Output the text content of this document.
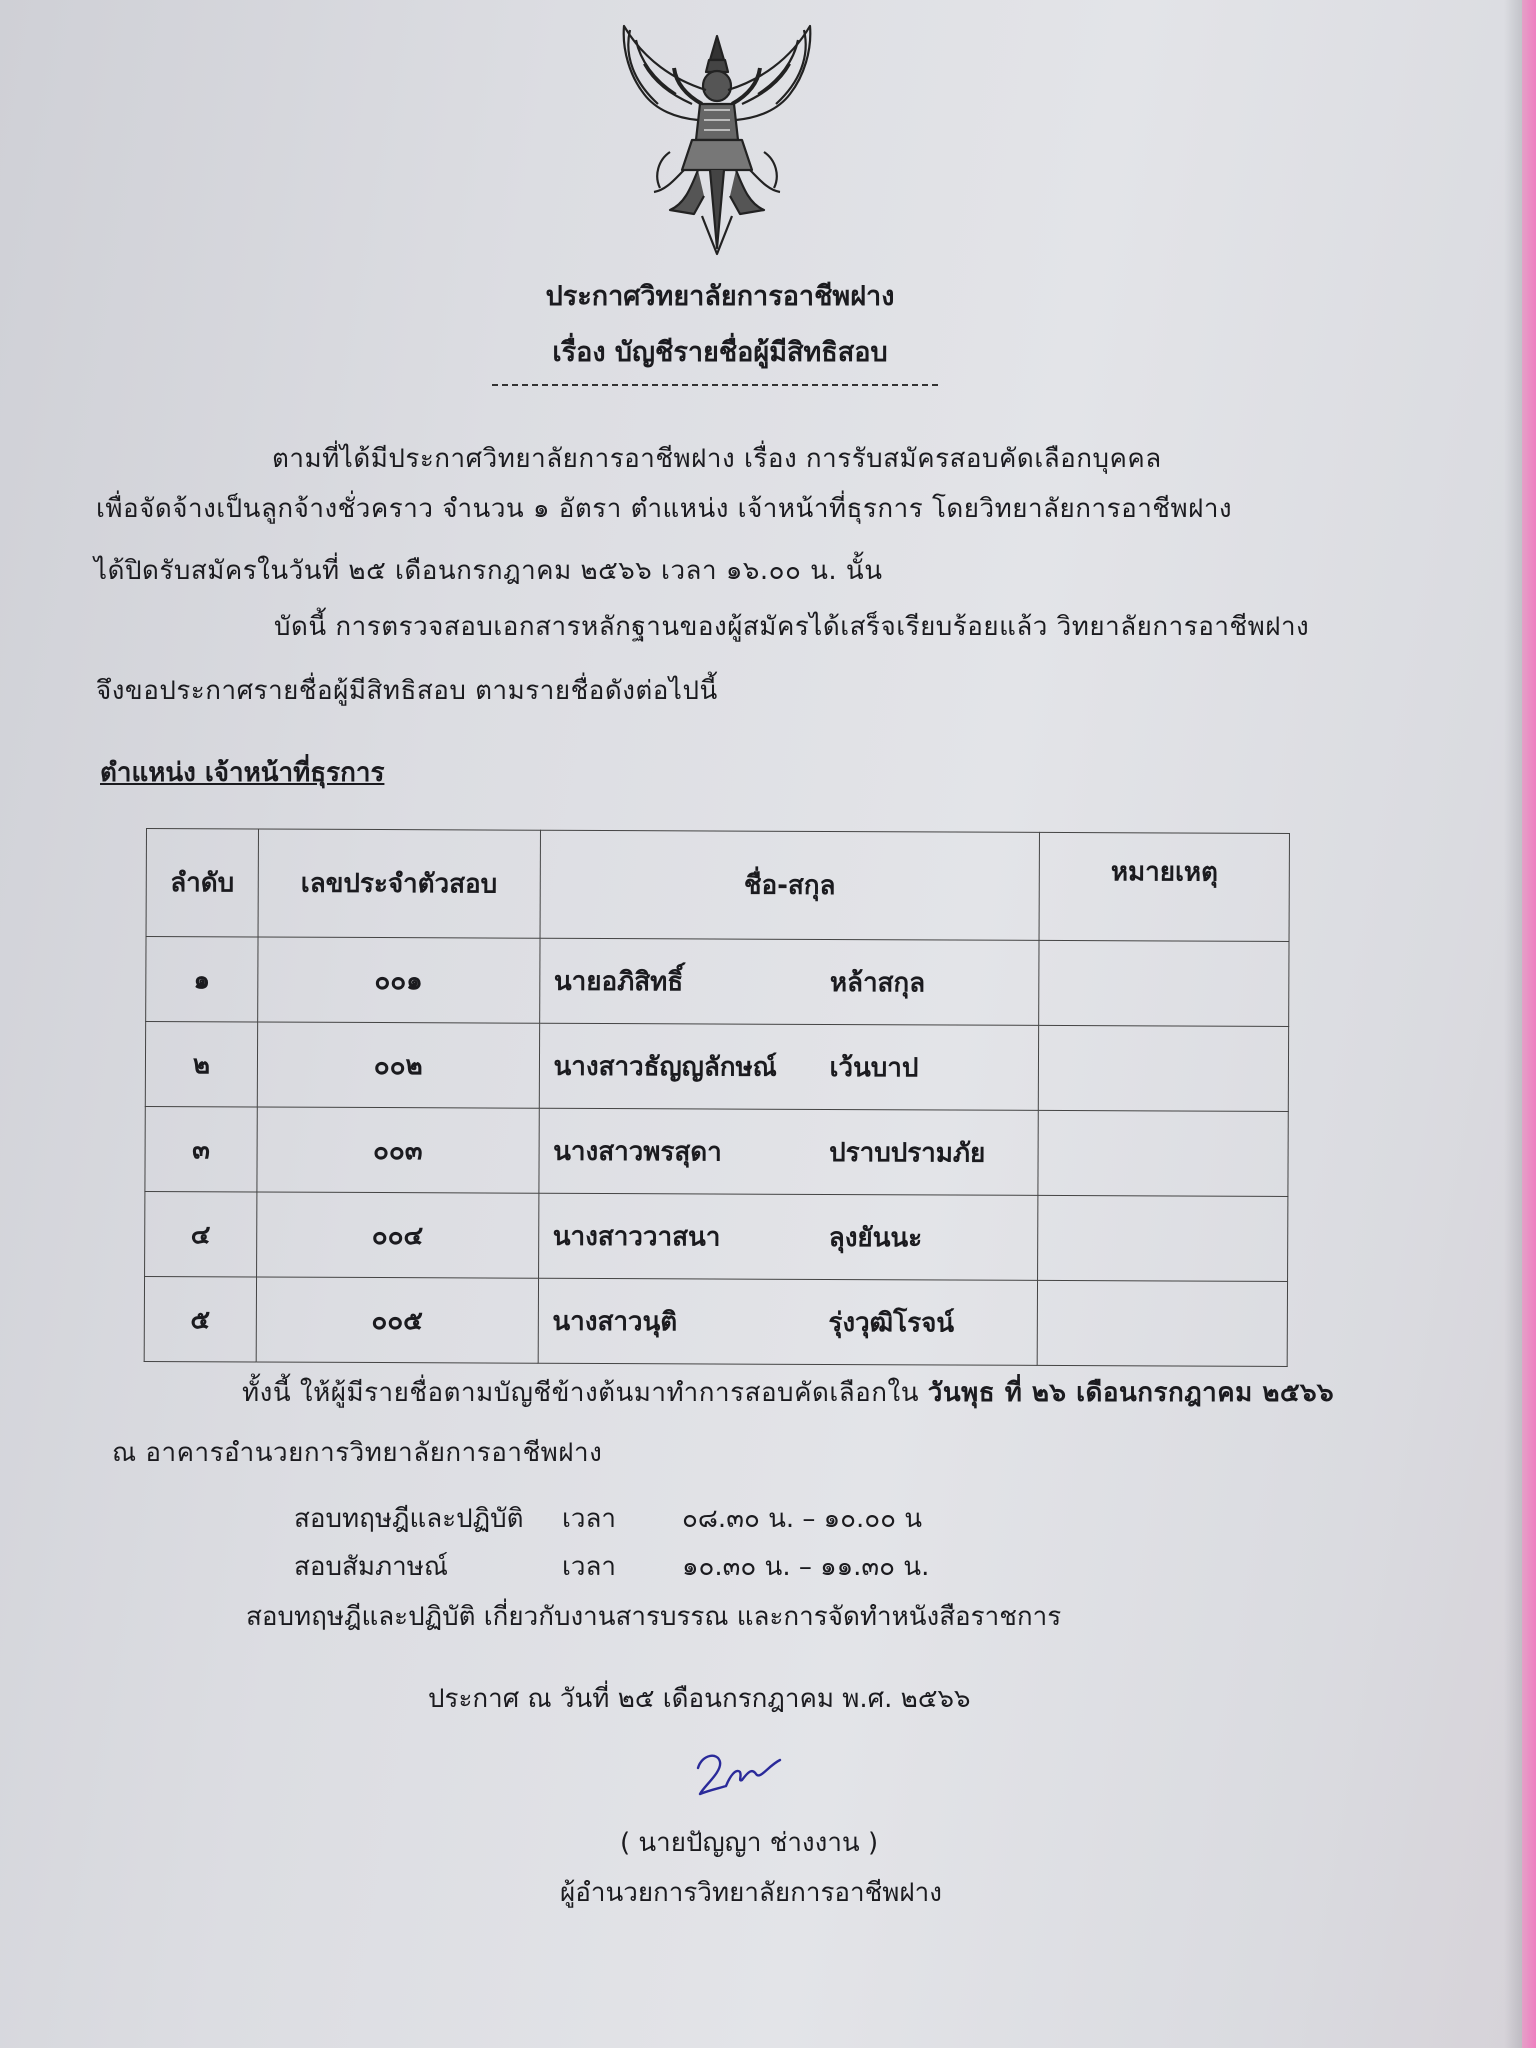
ประกาศวิทยาลัยการอาชีพฝาง
เรื่อง บัญชีรายชื่อผู้มีสิทธิสอบ
ตามที่ได้มีประกาศวิทยาลัยการอาชีพฝาง เรื่อง การรับสมัครสอบคัดเลือกบุคคล
เพื่อจัดจ้างเป็นลูกจ้างชั่วคราว จำนวน ๑ อัตรา ตำแหน่ง เจ้าหน้าที่ธุรการ โดยวิทยาลัยการอาชีพฝาง
ได้ปิดรับสมัครในวันที่ ๒๕ เดือนกรกฎาคม ๒๕๖๖ เวลา ๑๖.๐๐ น. นั้น
บัดนี้ การตรวจสอบเอกสารหลักฐานของผู้สมัครได้เสร็จเรียบร้อยแล้ว วิทยาลัยการอาชีพฝาง
จึงขอประกาศรายชื่อผู้มีสิทธิสอบ ตามรายชื่อดังต่อไปนี้
ตำแหน่ง เจ้าหน้าที่ธุรการ
ลำดับ	เลขประจำตัวสอบ	ชื่อ-สกุล	หมายเหตุ
๑	๐๐๑	นายอภิสิทธิ์ หล้าสกุล	
๒	๐๐๒	นางสาวธัญญลักษณ์ เว้นบาป	
๓	๐๐๓	นางสาวพรสุดา ปราบปรามภัย	
๔	๐๐๔	นางสาววาสนา ลุงยันนะ	
๕	๐๐๕	นางสาวนุติ รุ่งวุฒิโรจน์	
ทั้งนี้ ให้ผู้มีรายชื่อตามบัญชีข้างต้นมาทำการสอบคัดเลือกใน วันพุธ ที่ ๒๖ เดือนกรกฎาคม ๒๕๖๖
ณ อาคารอำนวยการวิทยาลัยการอาชีพฝาง
สอบทฤษฎีและปฏิบัติ เวลา	๐๘.๓๐ น. – ๑๐.๐๐ น
สอบสัมภาษณ์	เวลา	๑๐.๓๐ น. – ๑๑.๓๐ น.
สอบทฤษฎีและปฏิบัติ เกี่ยวกับงานสารบรรณ และการจัดทำหนังสือราชการ
ประกาศ ณ วันที่ ๒๕ เดือนกรกฎาคม พ.ศ. ๒๕๖๖
( นายปัญญา ช่างงาน )
ผู้อำนวยการวิทยาลัยการอาชีพฝาง
